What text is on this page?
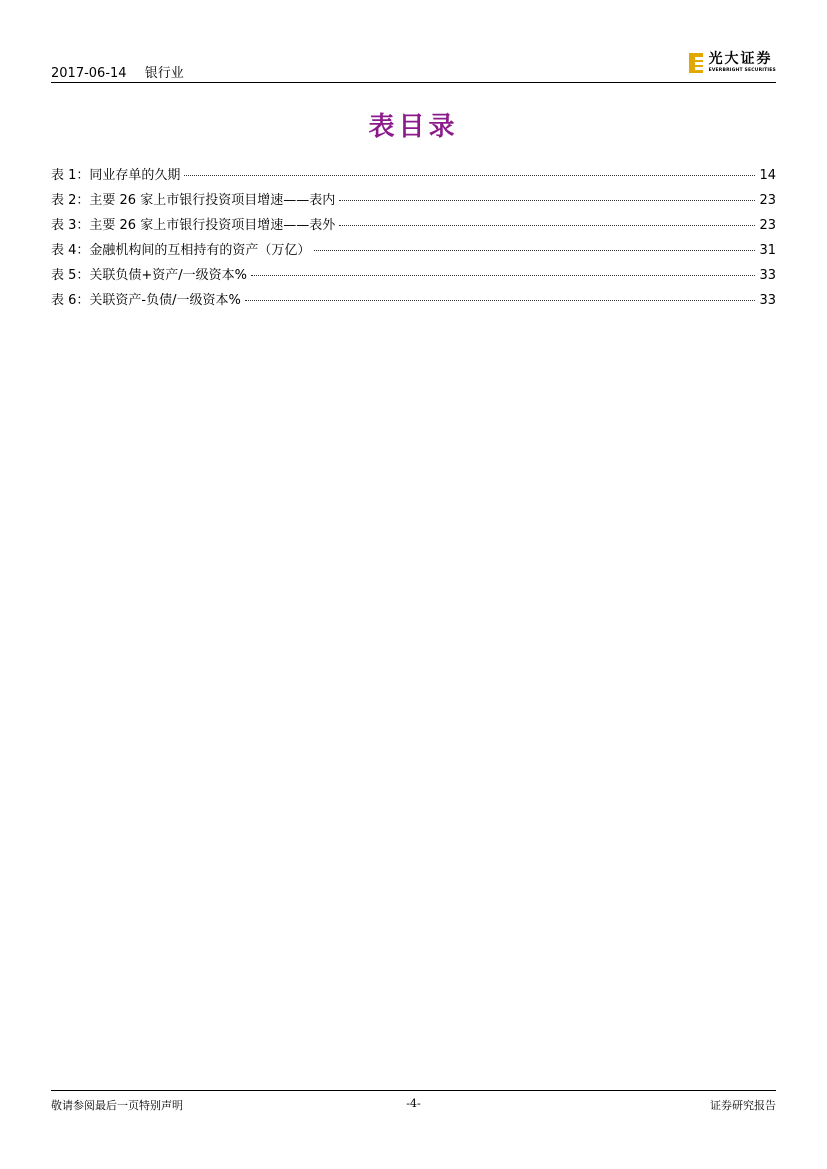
2017-06-14 银行业
光大证券
EVERBRIGHT SECURITIES
表目录
表 1：同业存单的久期	14
表 2：主要 26 家上市银行投资项目增速——表内	23
表 3：主要 26 家上市银行投资项目增速——表外	23
表 4：金融机构间的互相持有的资产（万亿）	31
表 5：关联负债+资产/一级资本%	33
表 6：关联资产-负债/一级资本%	33
敬请参阅最后一页特别声明	-4-	证券研究报告
